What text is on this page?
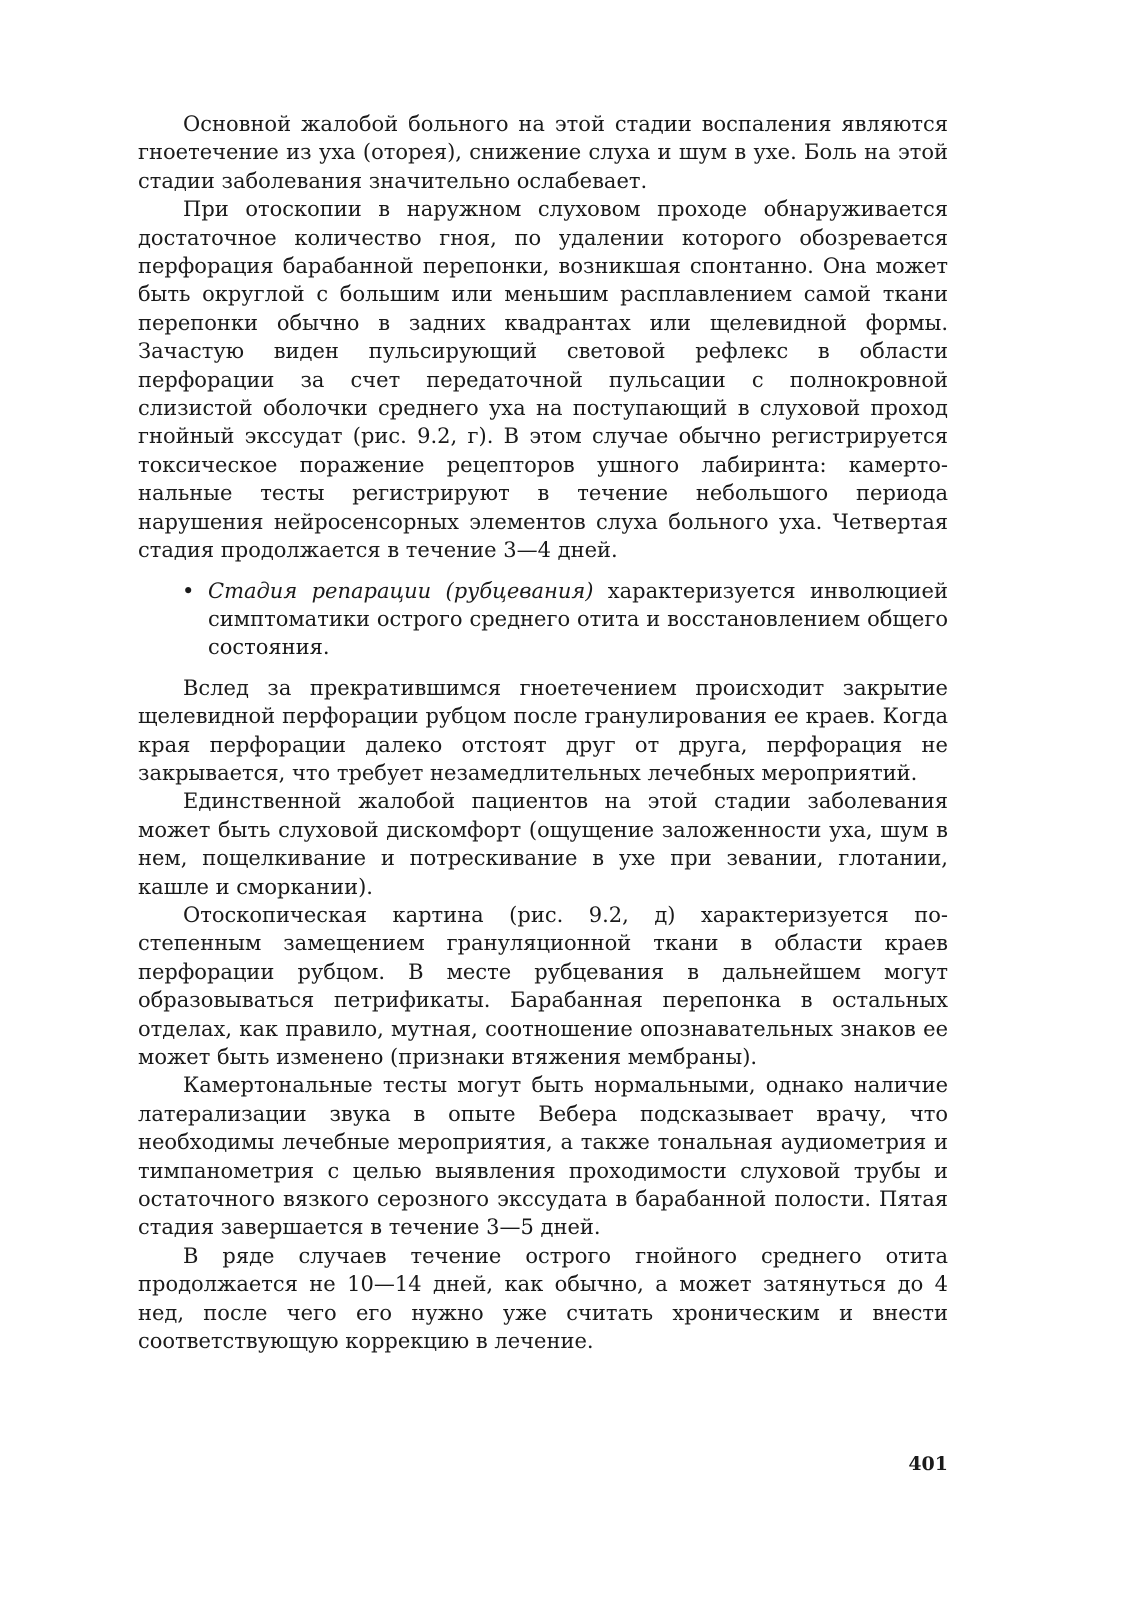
Основной жалобой больного на этой стадии воспаления являются гноетечение из уха (оторея), снижение слуха и шум в ухе. Боль на этой стадии заболевания значительно ослабевает.

При отоскопии в наружном слуховом проходе обнаруживается достаточное количество гноя, по удалении которого обозревается перфорация барабанной перепонки, возникшая спонтанно. Она может быть округлой с большим или меньшим расплавлением самой ткани перепонки обычно в задних квадрантах или щелевидной формы. Зачастую виден пульсирующий световой рефлекс в области перфорации за счет передаточной пульсации с полнокровной слизистой оболочки среднего уха на поступающий в слуховой проход гнойный экссудат (рис. 9.2, г). В этом случае обычно регистрируется токсическое поражение рецепторов ушного лабиринта: камертональные тесты регистрируют в течение небольшого периода нарушения нейросенсорных элементов слуха больного уха. Четвертая стадия продолжается в течение 3—4 дней.

• Стадия репарации (рубцевания) характеризуется инволюцией симптоматики острого среднего отита и восстановлением общего состояния.

Вслед за прекратившимся гноетечением происходит закрытие щелевидной перфорации рубцом после гранулирования ее краев. Когда края перфорации далеко отстоят друг от друга, перфорация не закрывается, что требует незамедлительных лечебных мероприятий.

Единственной жалобой пациентов на этой стадии заболевания может быть слуховой дискомфорт (ощущение заложенности уха, шум в нем, пощелкивание и потрескивание в ухе при зевании, глотании, кашле и сморкании).

Отоскопическая картина (рис. 9.2, д) характеризуется постепенным замещением грануляционной ткани в области краев перфорации рубцом. В месте рубцевания в дальнейшем могут образовываться петрификаты. Барабанная перепонка в остальных отделах, как правило, мутная, соотношение опознавательных знаков ее может быть изменено (признаки втяжения мембраны).

Камертональные тесты могут быть нормальными, однако наличие латерализации звука в опыте Вебера подсказывает врачу, что необходимы лечебные мероприятия, а также тональная аудиометрия и тимпанометрия с целью выявления проходимости слуховой трубы и остаточного вязкого серозного экссудата в барабанной полости. Пятая стадия завершается в течение 3—5 дней.

В ряде случаев течение острого гнойного среднего отита продолжается не 10—14 дней, как обычно, а может затянуться до 4 нед, после чего его нужно уже считать хроническим и внести соответствующую коррекцию в лечение.

401
